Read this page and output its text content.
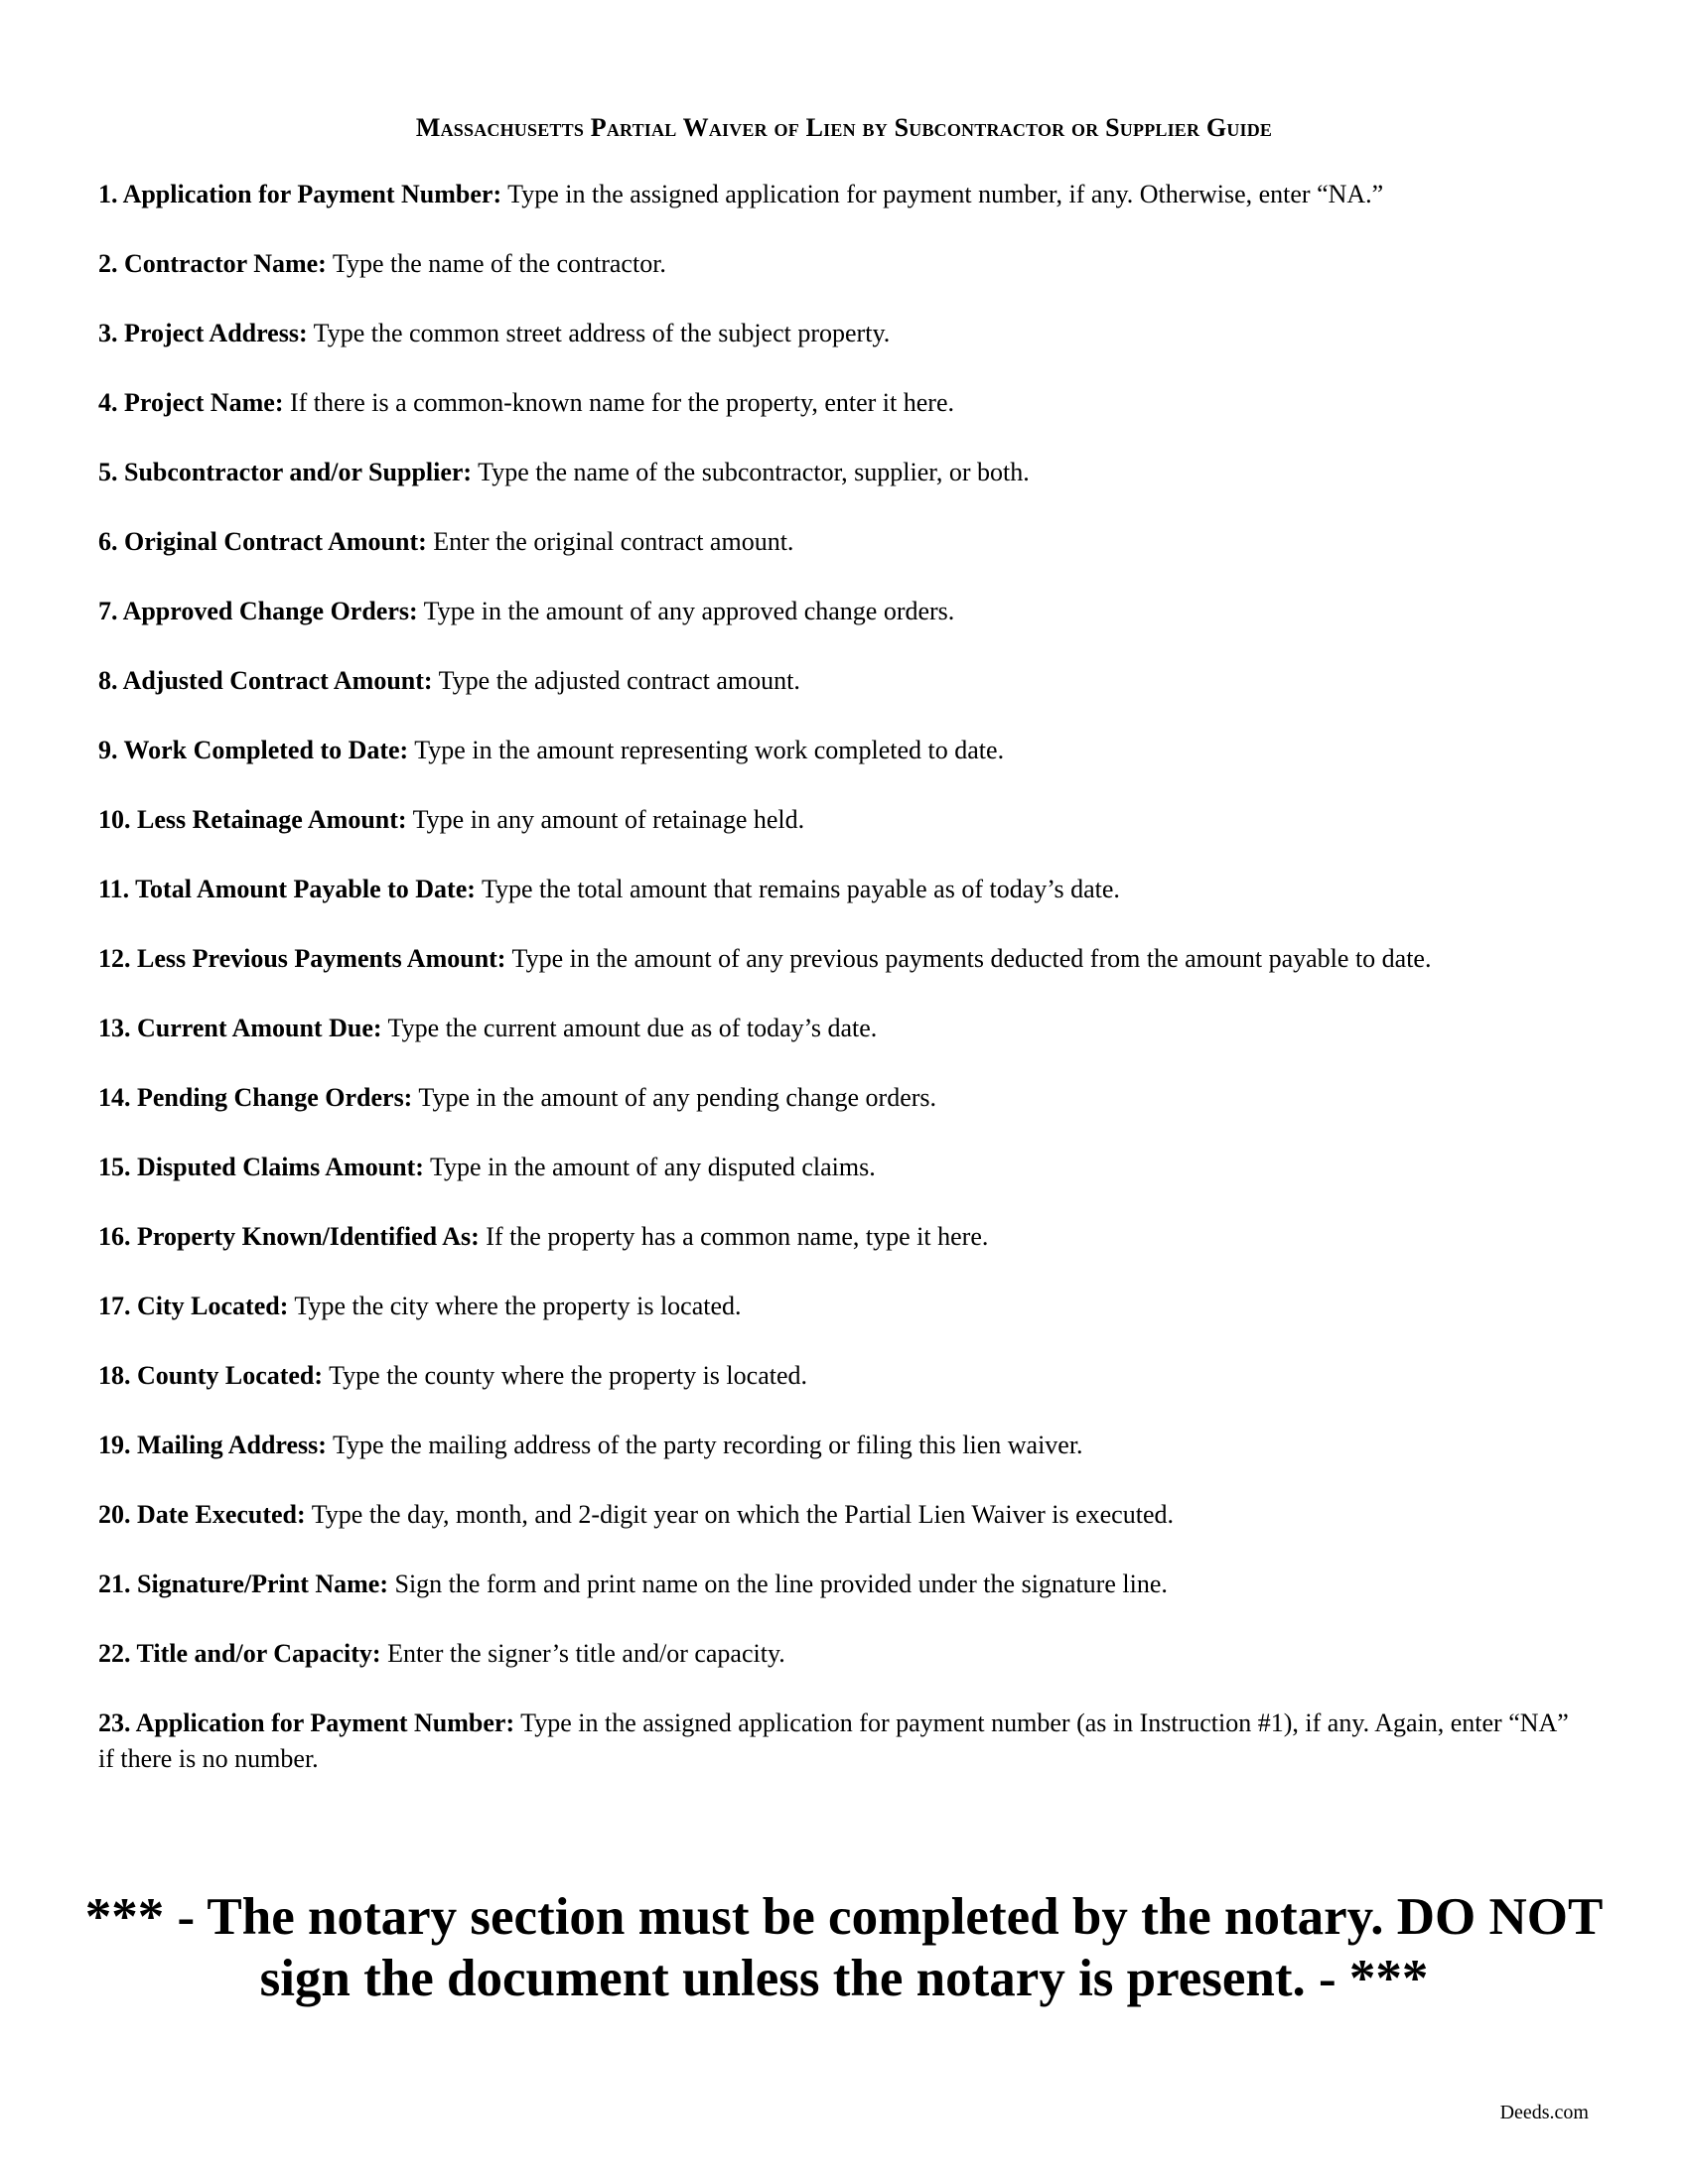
Massachusetts Partial Waiver of Lien by Subcontractor or Supplier Guide
1. Application for Payment Number: Type in the assigned application for payment number, if any. Otherwise, enter “NA.”
2. Contractor Name: Type the name of the contractor.
3. Project Address: Type the common street address of the subject property.
4. Project Name: If there is a common-known name for the property, enter it here.
5. Subcontractor and/or Supplier: Type the name of the subcontractor, supplier, or both.
6. Original Contract Amount: Enter the original contract amount.
7. Approved Change Orders: Type in the amount of any approved change orders.
8. Adjusted Contract Amount: Type the adjusted contract amount.
9. Work Completed to Date: Type in the amount representing work completed to date.
10. Less Retainage Amount: Type in any amount of retainage held.
11. Total Amount Payable to Date: Type the total amount that remains payable as of today’s date.
12. Less Previous Payments Amount: Type in the amount of any previous payments deducted from the amount payable to date.
13. Current Amount Due: Type the current amount due as of today’s date.
14. Pending Change Orders: Type in the amount of any pending change orders.
15. Disputed Claims Amount: Type in the amount of any disputed claims.
16. Property Known/Identified As: If the property has a common name, type it here.
17. City Located: Type the city where the property is located.
18. County Located: Type the county where the property is located.
19. Mailing Address: Type the mailing address of the party recording or filing this lien waiver.
20. Date Executed: Type the day, month, and 2-digit year on which the Partial Lien Waiver is executed.
21. Signature/Print Name: Sign the form and print name on the line provided under the signature line.
22. Title and/or Capacity: Enter the signer’s title and/or capacity.
23. Application for Payment Number: Type in the assigned application for payment number (as in Instruction #1), if any. Again, enter “NA” if there is no number.

*** - The notary section must be completed by the notary. DO NOT sign the document unless the notary is present. - ***

Deeds.com
